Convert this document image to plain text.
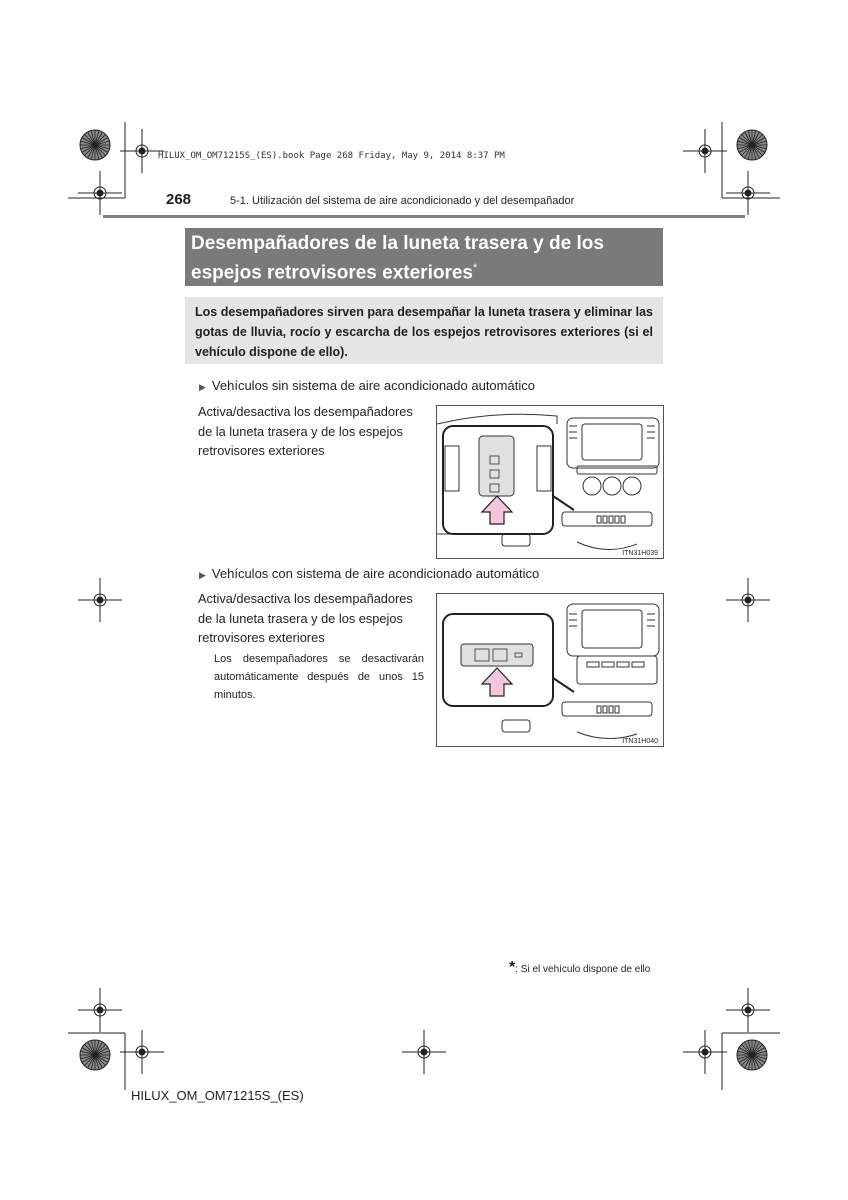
HILUX_OM_OM71215S_(ES).book Page 268 Friday, May 9, 2014 8:37 PM
268	5-1. Utilización del sistema de aire acondicionado y del desempañador
Desempañadores de la luneta trasera y de los espejos retrovisores exteriores*
Los desempañadores sirven para desempañar la luneta trasera y eliminar las gotas de lluvia, rocío y escarcha de los espejos retrovisores exteriores (si el vehículo dispone de ello).
▶ Vehículos sin sistema de aire acondicionado automático
Activa/desactiva los desempañadores de la luneta trasera y de los espejos retrovisores exteriores
ITN31H039
▶ Vehículos con sistema de aire acondicionado automático
Activa/desactiva los desempañadores de la luneta trasera y de los espejos retrovisores exteriores
Los desempañadores se desactivarán automáticamente después de unos 15 minutos.
ITN31H040
*: Si el vehículo dispone de ello
HILUX_OM_OM71215S_(ES)
